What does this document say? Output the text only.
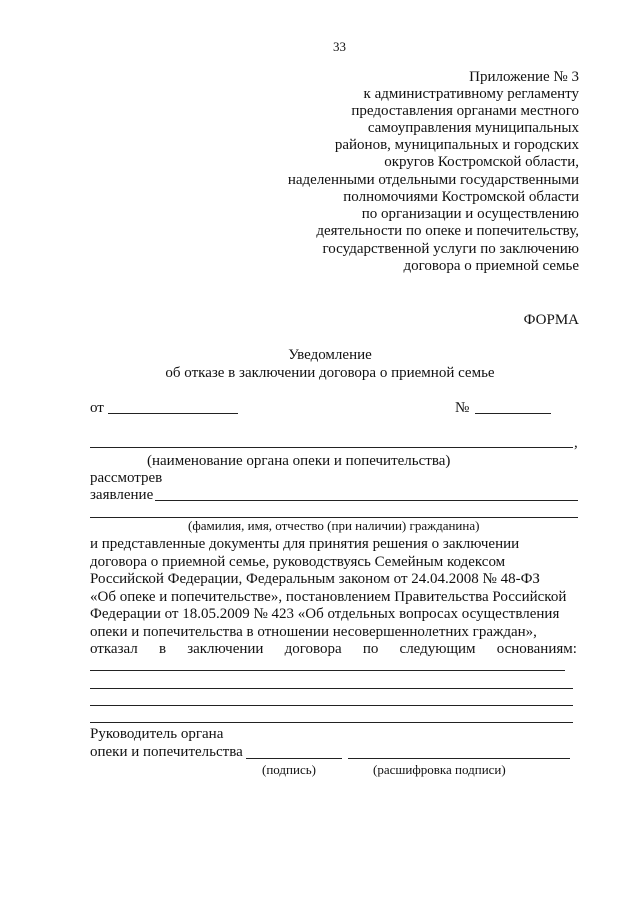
33
Приложение № 3
к административному регламенту
предоставления органами местного
самоуправления муниципальных
районов, муниципальных и городских
округов Костромской области,
наделенными отдельными государственными
полномочиями Костромской области
по организации и осуществлению
деятельности по опеке и попечительству,
государственной услуги по заключению
договора о приемной семье
ФОРМА
Уведомление
об отказе в заключении договора о приемной семье
от	№
,
(наименование органа опеки и попечительства)
рассмотрев
заявление
(фамилия, имя, отчество (при наличии) гражданина)
и представленные документы для принятия решения о заключении
договора о приемной семье, руководствуясь Семейным кодексом
Российской Федерации, Федеральным законом от 24.04.2008 № 48-ФЗ
«Об опеке и попечительстве», постановлением Правительства Российской
Федерации от 18.05.2009 № 423 «Об отдельных вопросах осуществления
опеки и попечительства в отношении несовершеннолетних граждан»,
отказал в заключении договора по следующим основаниям:
Руководитель органа
опеки и попечительства
(подпись)	(расшифровка подписи)
